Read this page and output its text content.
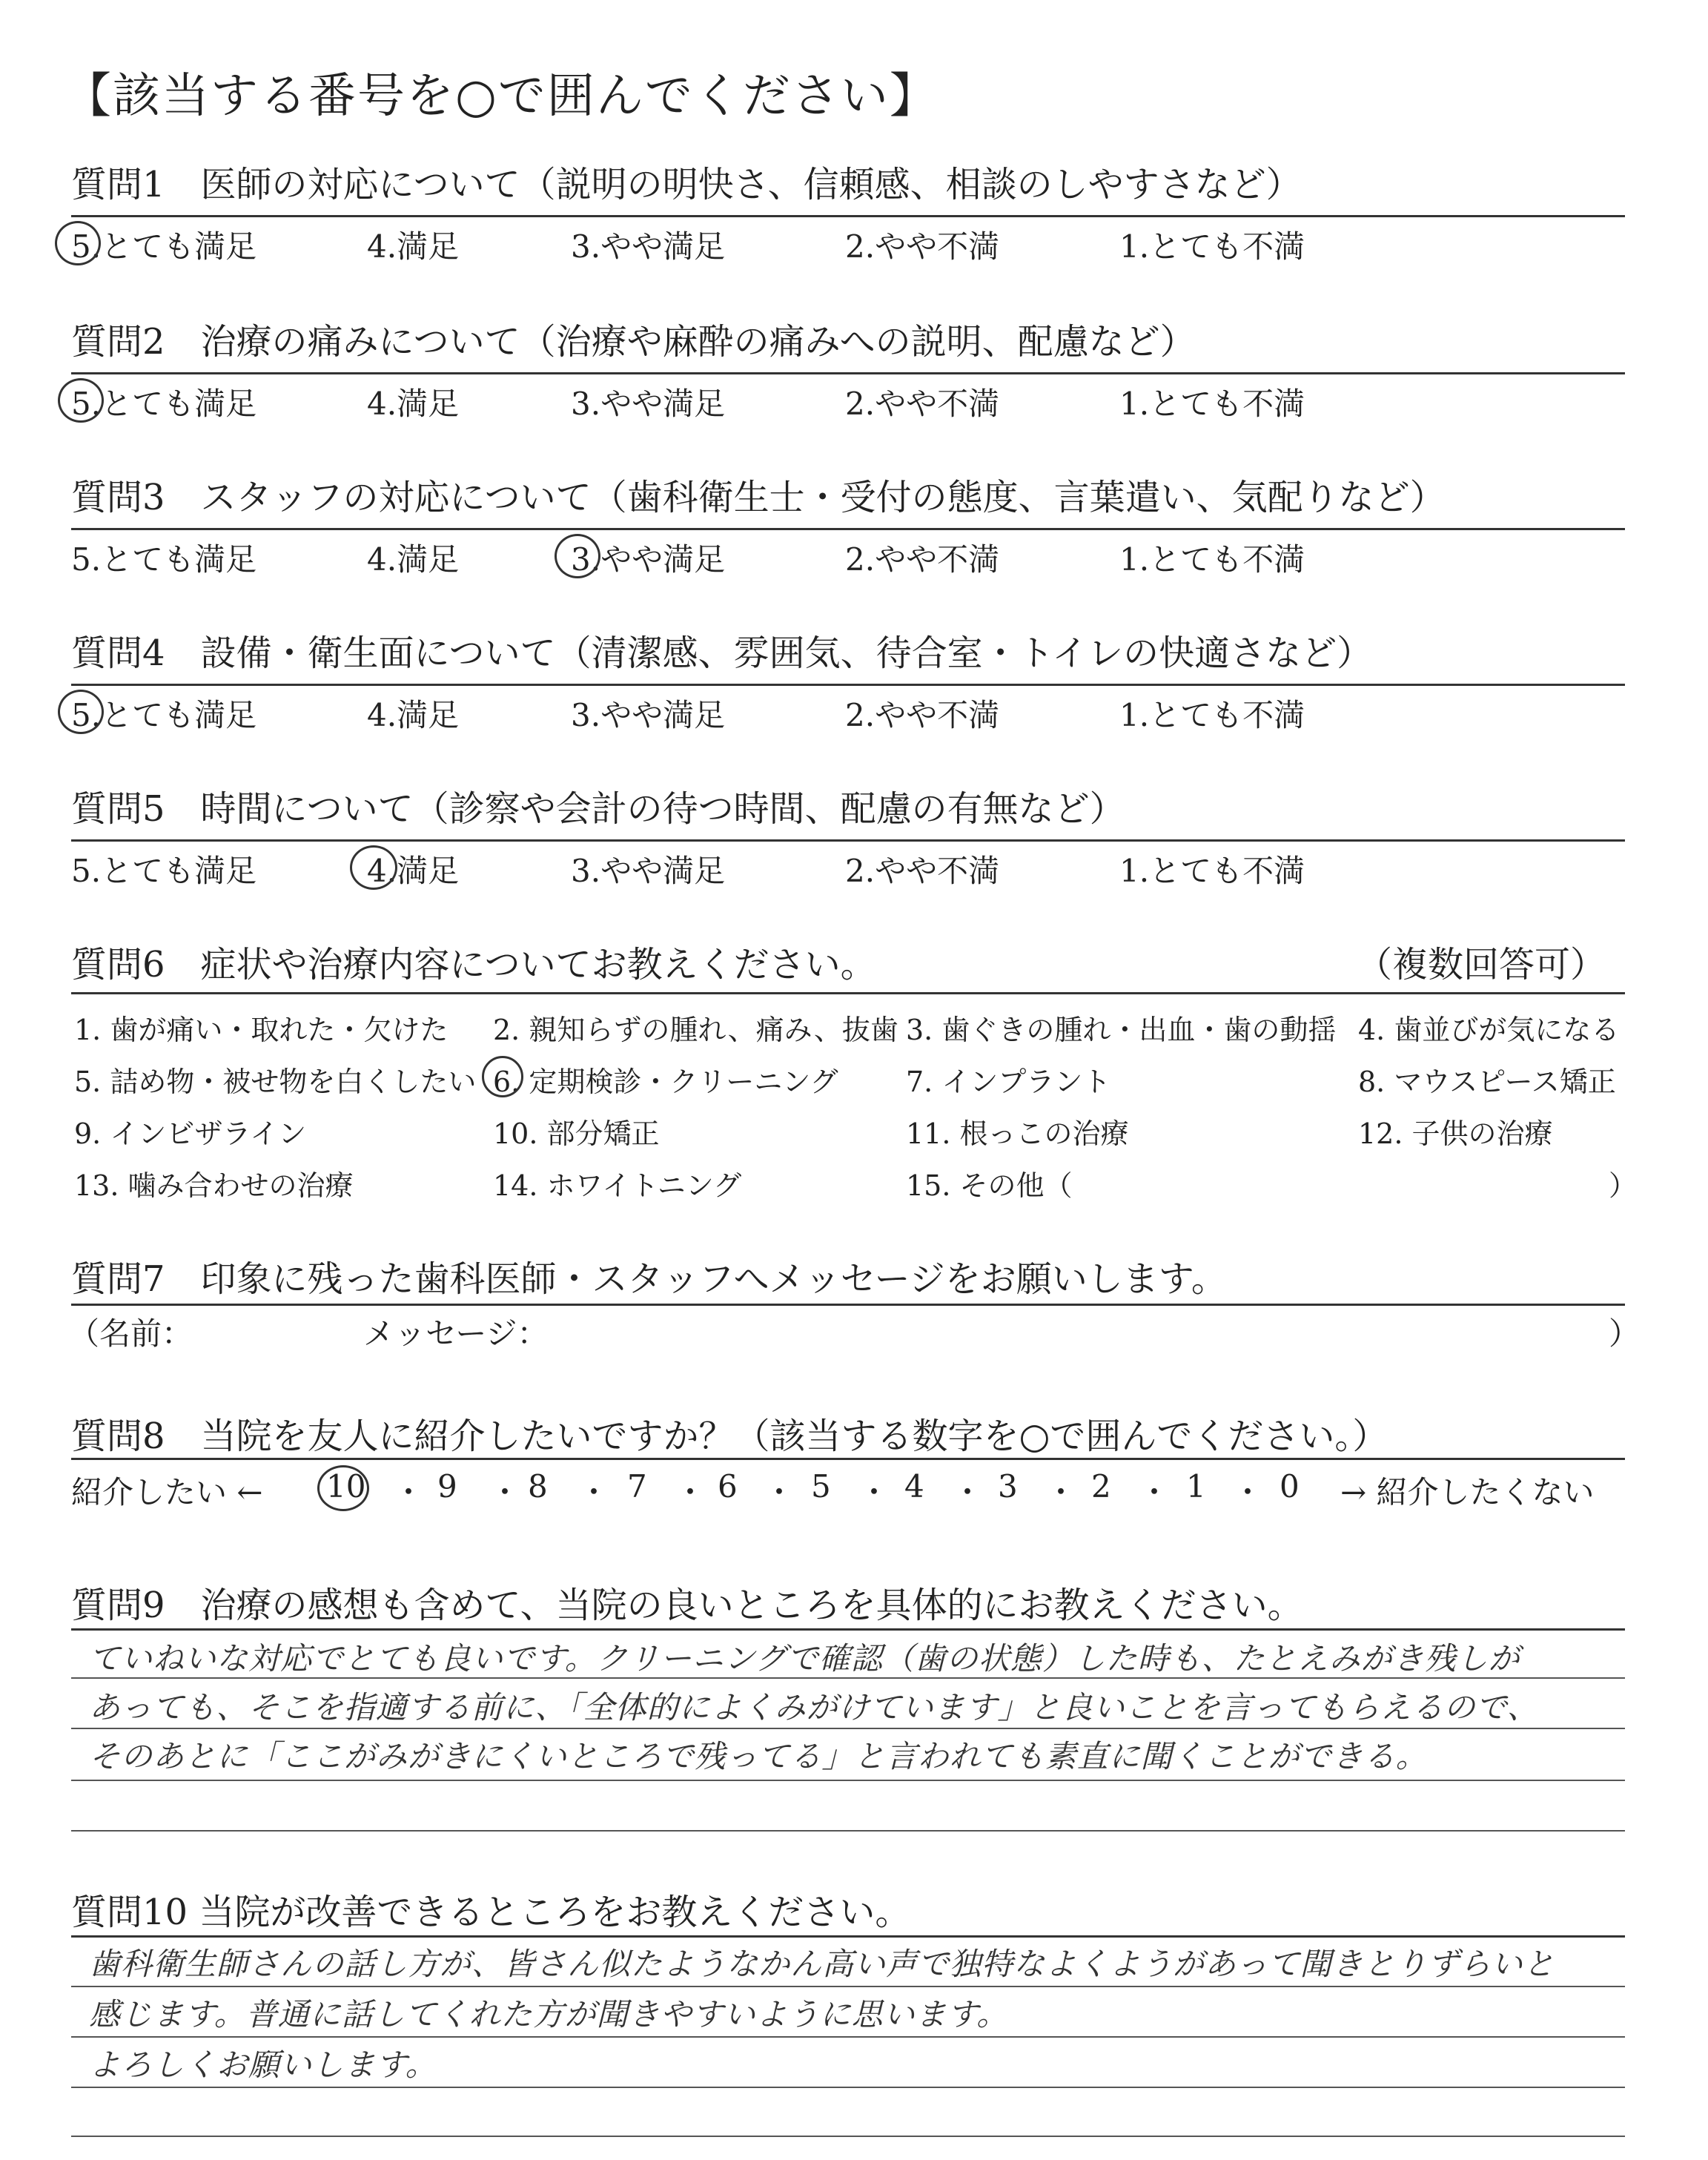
【該当する番号を○で囲んでください】
質問1　医師の対応について（説明の明快さ、信頼感、相談のしやすさなど）
5.とても満足	4.満足	3.やや満足	2.やや不満	1.とても不満
質問2　治療の痛みについて（治療や麻酔の痛みへの説明、配慮など）
5.とても満足	4.満足	3.やや満足	2.やや不満	1.とても不満
質問3　スタッフの対応について（歯科衛生士・受付の態度、言葉遣い、気配りなど）
5.とても満足	4.満足	3.やや満足	2.やや不満	1.とても不満
質問4　設備・衛生面について（清潔感、雰囲気、待合室・トイレの快適さなど）
5.とても満足	4.満足	3.やや満足	2.やや不満	1.とても不満
質問5　時間について（診察や会計の待つ時間、配慮の有無など）
5.とても満足	4.満足	3.やや満足	2.やや不満	1.とても不満
質問6　症状や治療内容についてお教えください。	（複数回答可）
1. 歯が痛い・取れた・欠けた 2. 親知らずの腫れ、痛み、抜歯 3. 歯ぐきの腫れ・出血・歯の動揺 4. 歯並びが気になる
5. 詰め物・被せ物を白くしたい 6. 定期検診・クリーニング 7. インプラント	8. マウスピース矯正
9. インビザライン	10. 部分矯正	11. 根っこの治療	12. 子供の治療
13. 噛み合わせの治療	14. ホワイトニング	15. その他（	）
質問7　印象に残った歯科医師・スタッフへメッセージをお願いします。
（名前：	メッセージ：	）
質問8　当院を友人に紹介したいですか？（該当する数字を○で囲んでください。）
紹介したい ← 10 ・ 9 ・ 8 ・ 7 ・ 6 ・ 5 ・ 4 ・ 3 ・ 2 ・ 1 ・ 0 → 紹介したくない
質問9　治療の感想も含めて、当院の良いところを具体的にお教えください。
ていねいな対応でとても良いです。クリーニングで確認（歯の状態）した時も、たとえみがき残しが
あっても、そこを指適する前に、「全体的によくみがけています」と良いことを言ってもらえるので、
そのあとに「ここがみがきにくいところで残ってる」と言われても素直に聞くことができる。
質問10 当院が改善できるところをお教えください。
歯科衛生師さんの話し方が、皆さん似たようなかん高い声で独特なよくようがあって聞きとりずらいと
感じます。普通に話してくれた方が聞きやすいように思います。
よろしくお願いします。
